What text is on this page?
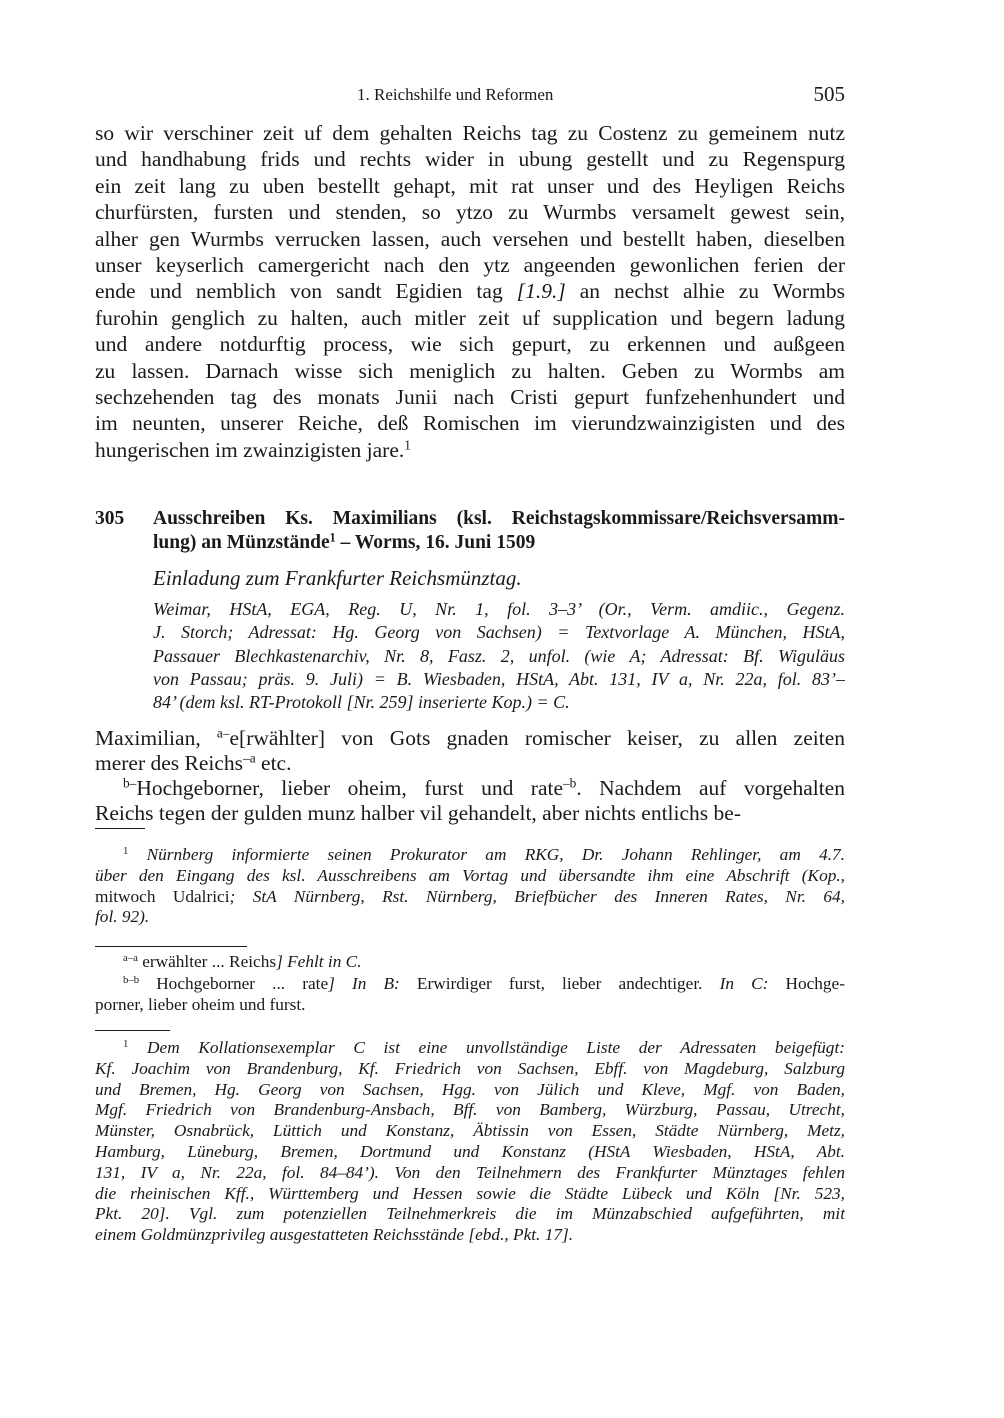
1. Reichshilfe und Reformen	505
so wir verschiner zeit uf dem gehalten Reichs tag zu Costenz zu gemeinem nutz
und handhabung frids und rechts wider in ubung gestellt und zu Regenspurg
ein zeit lang zu uben bestellt gehapt, mit rat unser und des Heyligen Reichs
churfürsten, fursten und stenden, so ytzo zu Wurmbs versamelt gewest sein,
alher gen Wurmbs verrucken lassen, auch versehen und bestellt haben, dieselben
unser keyserlich camergericht nach den ytz angeenden gewonlichen ferien der
ende und nemblich von sandt Egidien tag [1.9.] an nechst alhie zu Wormbs
furohin genglich zu halten, auch mitler zeit uf supplication und begern ladung
und andere notdurftig process, wie sich gepurt, zu erkennen und außgeen
zu lassen. Darnach wisse sich meniglich zu halten. Geben zu Wormbs am
sechzehenden tag des monats Junii nach Cristi gepurt funfzehenhundert und
im neunten, unserer Reiche, deß Romischen im vierundzwainzigisten und des
hungerischen im zwainzigisten jare.$^1$
305 Ausschreiben Ks. Maximilians (ksl. Reichstagskommissare/Reichsversamm-
lung) an Münzstände$^1$ – Worms, 16. Juni 1509
Einladung zum Frankfurter Reichsmünztag.
Weimar, HStA, EGA, Reg. U, Nr. 1, fol. 3–3’ (Or., Verm. amdiic., Gegenz.
J. Storch; Adressat: Hg. Georg von Sachsen) = Textvorlage A. München, HStA,
Passauer Blechkastenarchiv, Nr. 8, Fasz. 2, unfol. (wie A; Adressat: Bf. Wiguläus
von Passau; präs. 9. Juli) = B. Wiesbaden, HStA, Abt. 131, IV a, Nr. 22a, fol. 83’–
84’ (dem ksl. RT-Protokoll [Nr. 259] inserierte Kop.) = C.
Maximilian, $^{a-}$e[rwählter] von Gots gnaden romischer keiser, zu allen zeiten
merer des Reichs$^{-a}$ etc.
$^{b-}$Hochgeborner, lieber oheim, furst und rate$^{-b}$. Nachdem auf vorgehalten
Reichs tegen der gulden munz halber vil gehandelt, aber nichts entlichs be-
$^1$ Nürnberg informierte seinen Prokurator am RKG, Dr. Johann Rehlinger, am 4.7.
über den Eingang des ksl. Ausschreibens am Vortag und übersandte ihm eine Abschrift (Kop.,
mitwoch Udalrici; StA Nürnberg, Rst. Nürnberg, Briefbücher des Inneren Rates, Nr. 64,
fol. 92).
$^{a-a}$ erwählter ... Reichs] Fehlt in C.
$^{b-b}$ Hochgeborner ... rate] In B: Erwirdiger furst, lieber andechtiger. In C: Hochge-
porner, lieber oheim und furst.
$^1$ Dem Kollationsexemplar C ist eine unvollständige Liste der Adressaten beigefügt:
Kf. Joachim von Brandenburg, Kf. Friedrich von Sachsen, Ebff. von Magdeburg, Salzburg
und Bremen, Hg. Georg von Sachsen, Hgg. von Jülich und Kleve, Mgf. von Baden,
Mgf. Friedrich von Brandenburg-Ansbach, Bff. von Bamberg, Würzburg, Passau, Utrecht,
Münster, Osnabrück, Lüttich und Konstanz, Äbtissin von Essen, Städte Nürnberg, Metz,
Hamburg, Lüneburg, Bremen, Dortmund und Konstanz (HStA Wiesbaden, HStA, Abt.
131, IV a, Nr. 22a, fol. 84–84’). Von den Teilnehmern des Frankfurter Münztages fehlen
die rheinischen Kff., Württemberg und Hessen sowie die Städte Lübeck und Köln [Nr. 523,
Pkt. 20]. Vgl. zum potenziellen Teilnehmerkreis die im Münzabschied aufgeführten, mit
einem Goldmünzprivileg ausgestatteten Reichsstände [ebd., Pkt. 17].
